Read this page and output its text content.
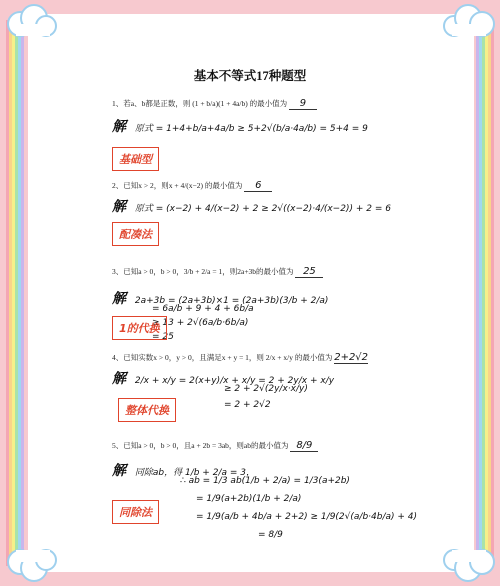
基本不等式17种题型
1、若a、b都是正数，则 (1 + b/a)(1 + 4a/b) 的最小值为 9
解 原式 = 1+4+b/a+4a/b ≥ 5+2√(b/a·4a/b) = 5+4 = 9
基础型
2、已知x > 2，则x + 4/(x−2) 的最小值为 6
解 原式 = (x−2) + 4/(x−2) + 2 ≥ 2√((x−2)·4/(x−2)) + 2 = 6
配凑法
3、已知a > 0，b > 0，3/b + 2/a = 1，则2a+3b的最小值为 25
解 2a+3b = (2a+3b)×1 = (2a+3b)(3/b + 2/a)
= 6a/b + 9 + 4 + 6b/a
≥ 13 + 2√(6a/b·6b/a)
= 25
1的代换
4、已知实数x > 0，y > 0，且满足x + y = 1，则 2/x + x/y 的最小值为 2+2√2
解 2/x + x/y = 2(x+y)/x + x/y = 2 + 2y/x + x/y
≥ 2 + 2√(2y/x·x/y)
= 2 + 2√2
整体代换
5、已知a > 0，b > 0，且a + 2b = 3ab，则ab的最小值为 8/9
解 同除ab，得 1/b + 2/a = 3，
∴ ab = 1/3 ab(1/b + 2/a) = 1/3(a+2b)
= 1/9(a+2b)(1/b + 2/a)
= 1/9(a/b + 4b/a + 2+2) ≥ 1/9(2√(a/b·4b/a) + 4)
= 8/9
同除法
